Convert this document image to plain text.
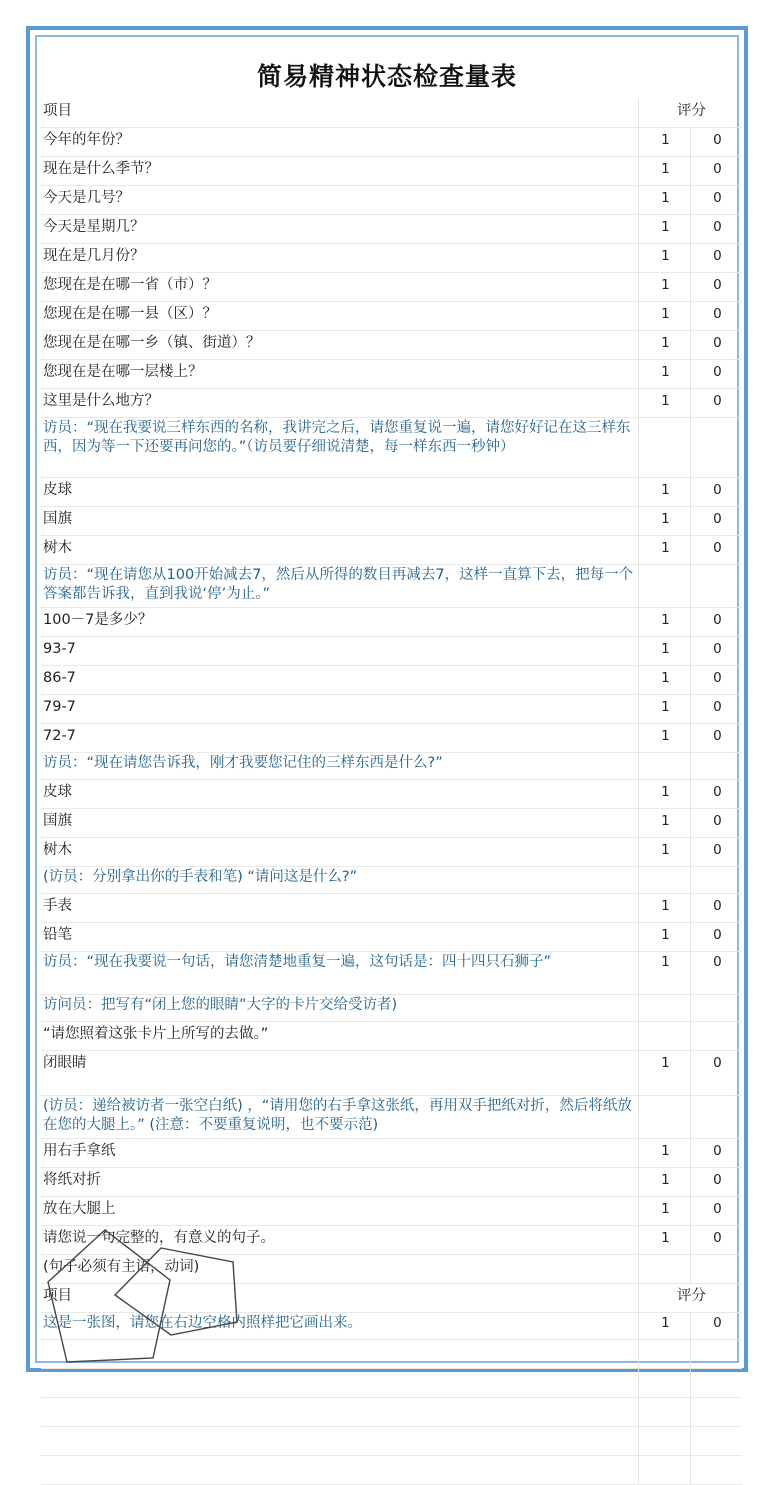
简易精神状态检查量表
项目	评分	
今年的年份？	1	0
现在是什么季节？	1	0
今天是几号？	1	0
今天是星期几？	1	0
现在是几月份？	1	0
您现在是在哪一省（市）？	1	0
您现在是在哪一县（区）？	1	0
您现在是在哪一乡（镇、街道）？	1	0
您现在是在哪一层楼上？	1	0
这里是什么地方？	1	0
访员：“现在我要说三样东西的名称，我讲完之后，请您重复说一遍，请您好好记在这三样东西，因为等一下还要再问您的。”（访员要仔细说清楚，每一样东西一秒钟）		
皮球	1	0
国旗	1	0
树木	1	0
访员：“现在请您从100开始减去7，然后从所得的数目再减去7，这样一直算下去，把每一个答案都告诉我，直到我说‘停’为止。”		
100－7是多少？	1	0
93-7	1	0
86-7	1	0
79-7	1	0
72-7	1	0
访员：“现在请您告诉我，刚才我要您记住的三样东西是什么?”		
皮球	1	0
国旗	1	0
树木	1	0
(访员：分别拿出你的手表和笔) “请问这是什么?”		
手表	1	0
铅笔	1	0
访员：“现在我要说一句话，请您清楚地重复一遍，这句话是：四十四只石狮子”	1	0
访问员：把写有“闭上您的眼睛”大字的卡片交给受访者)		
“请您照着这张卡片上所写的去做。”		
闭眼睛	1	0
(访员：递给被访者一张空白纸) ，“请用您的右手拿这张纸，再用双手把纸对折，然后将纸放在您的大腿上。” (注意：不要重复说明，也不要示范)		
用右手拿纸	1	0
将纸对折	1	0
放在大腿上	1	0
请您说一句完整的，有意义的句子。	1	0
(句子必须有主语，动词)		
项目	评分	
这是一张图，请您在右边空格内照样把它画出来。	1	0
